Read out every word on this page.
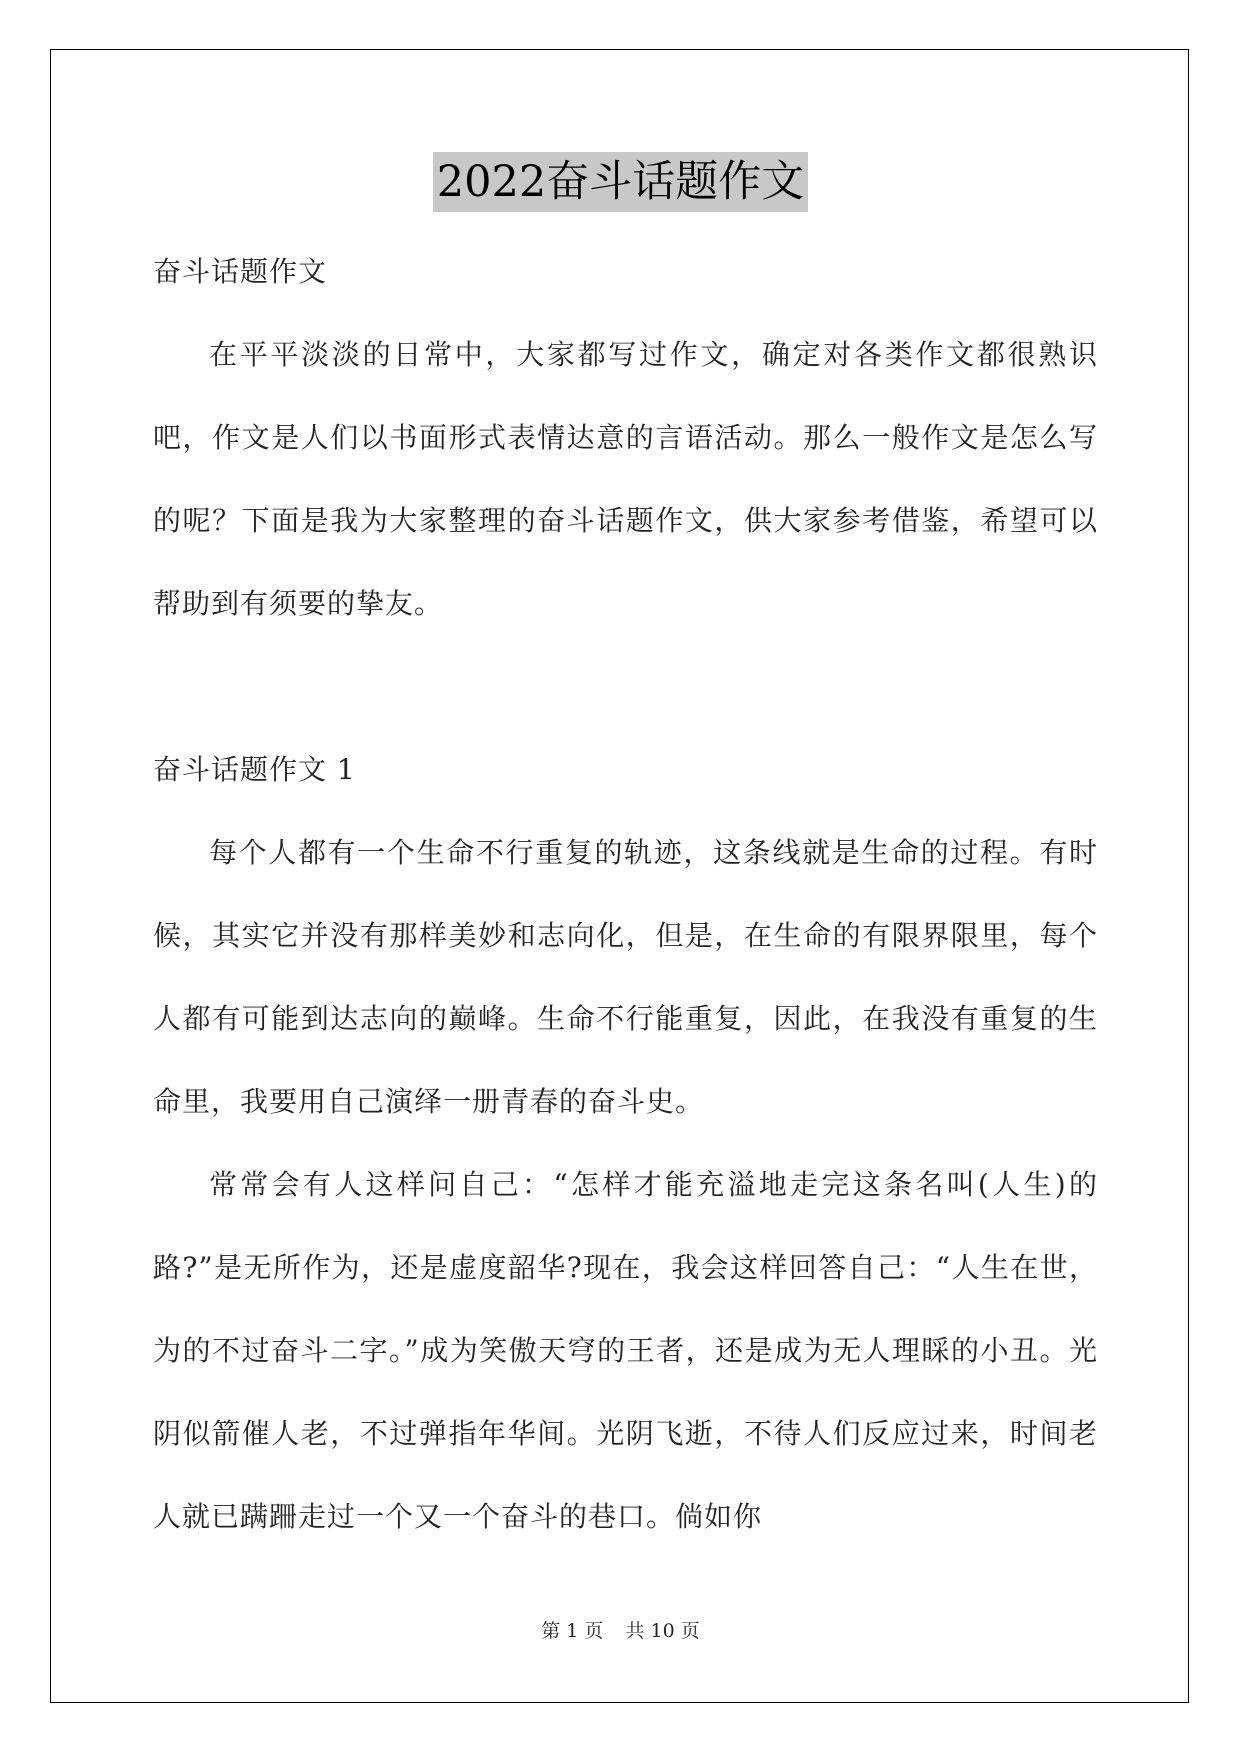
2022奋斗话题作文

奋斗话题作文

在平平淡淡的日常中，大家都写过作文，确定对各类作文都很熟识吧，作文是人们以书面形式表情达意的言语活动。那么一般作文是怎么写的呢？下面是我为大家整理的奋斗话题作文，供大家参考借鉴，希望可以帮助到有须要的挚友。

奋斗话题作文 1

每个人都有一个生命不行重复的轨迹，这条线就是生命的过程。有时候，其实它并没有那样美妙和志向化，但是，在生命的有限界限里，每个人都有可能到达志向的巅峰。生命不行能重复，因此，在我没有重复的生命里，我要用自己演绎一册青春的奋斗史。

常常会有人这样问自己：“怎样才能充溢地走完这条名叫(人生)的路?”是无所作为，还是虚度韶华?现在，我会这样回答自己：“人生在世，为的不过奋斗二字。”成为笑傲天穹的王者，还是成为无人理睬的小丑。光阴似箭催人老，不过弹指年华间。光阴飞逝，不待人们反应过来，时间老人就已蹒跚走过一个又一个奋斗的巷口。倘如你

第 1 页 共 10 页
